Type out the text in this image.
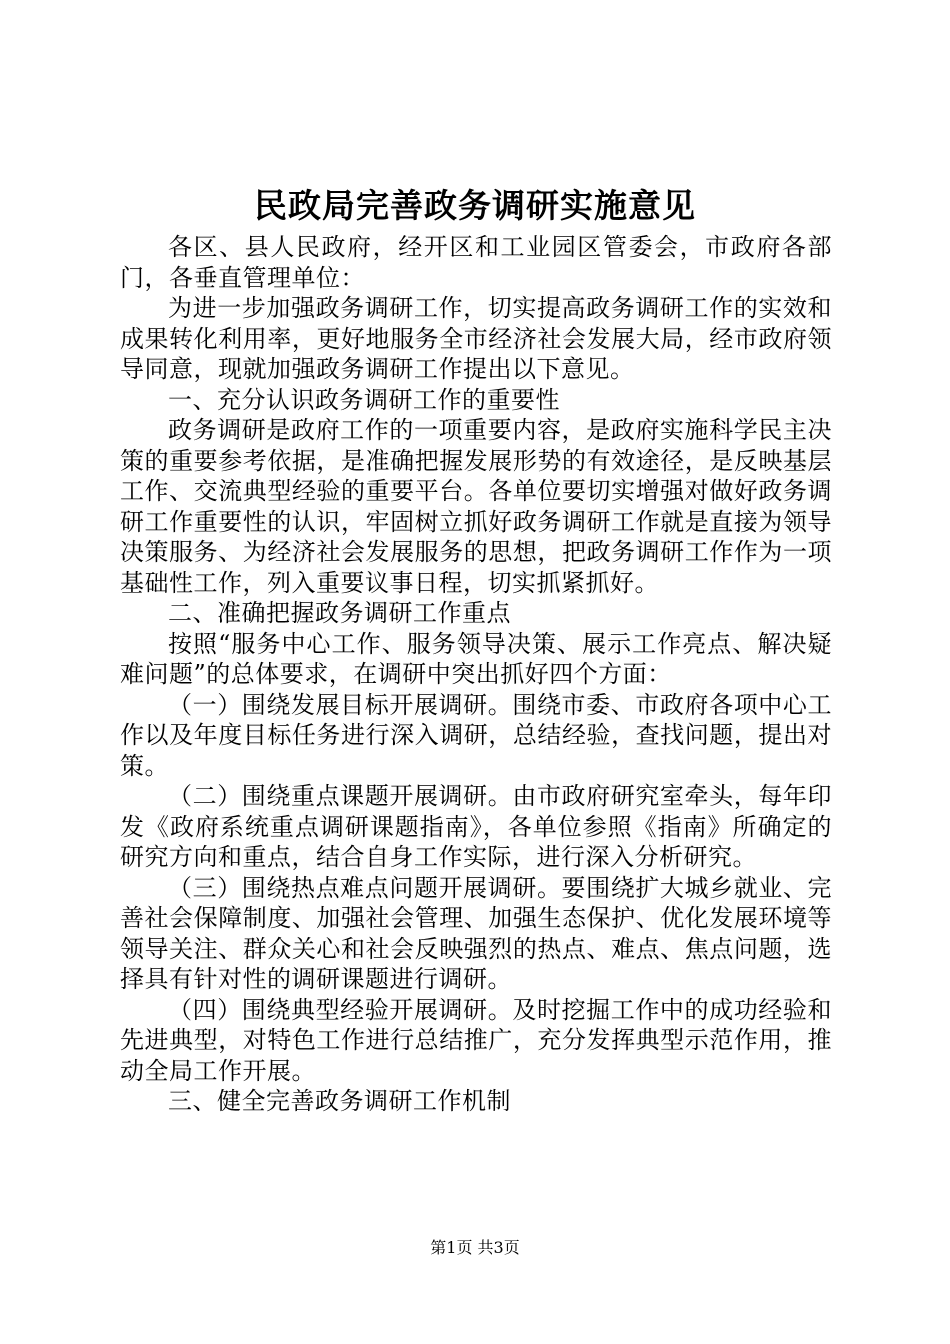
民政局完善政务调研实施意见

各区、县人民政府，经开区和工业园区管委会，市政府各部门，各垂直管理单位：

为进一步加强政务调研工作，切实提高政务调研工作的实效和成果转化利用率，更好地服务全市经济社会发展大局，经市政府领导同意，现就加强政务调研工作提出以下意见。

一、充分认识政务调研工作的重要性

政务调研是政府工作的一项重要内容，是政府实施科学民主决策的重要参考依据，是准确把握发展形势的有效途径，是反映基层工作、交流典型经验的重要平台。各单位要切实增强对做好政务调研工作重要性的认识，牢固树立抓好政务调研工作就是直接为领导决策服务、为经济社会发展服务的思想，把政务调研工作作为一项基础性工作，列入重要议事日程，切实抓紧抓好。

二、准确把握政务调研工作重点

按照“服务中心工作、服务领导决策、展示工作亮点、解决疑难问题”的总体要求，在调研中突出抓好四个方面：

（一）围绕发展目标开展调研。围绕市委、市政府各项中心工作以及年度目标任务进行深入调研，总结经验，查找问题，提出对策。

（二）围绕重点课题开展调研。由市政府研究室牵头，每年印发《政府系统重点调研课题指南》，各单位参照《指南》所确定的研究方向和重点，结合自身工作实际，进行深入分析研究。

（三）围绕热点难点问题开展调研。要围绕扩大城乡就业、完善社会保障制度、加强社会管理、加强生态保护、优化发展环境等领导关注、群众关心和社会反映强烈的热点、难点、焦点问题，选择具有针对性的调研课题进行调研。

（四）围绕典型经验开展调研。及时挖掘工作中的成功经验和先进典型，对特色工作进行总结推广，充分发挥典型示范作用，推动全局工作开展。

三、健全完善政务调研工作机制

第1页 共3页
